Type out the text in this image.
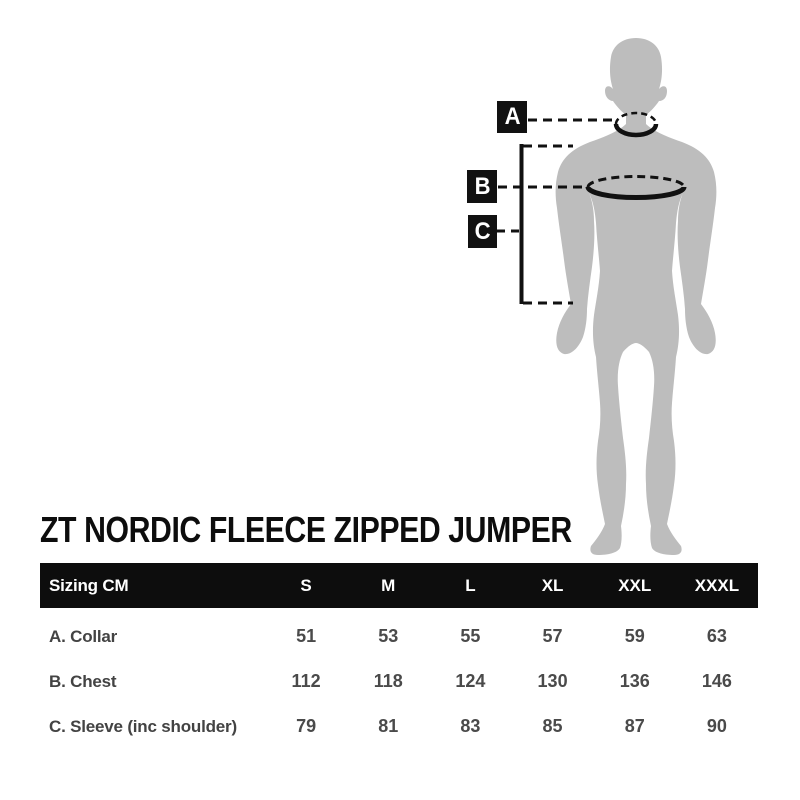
A
B
C
ZT NORDIC FLEECE ZIPPED JUMPER
Sizing CM	S	M	L	XL	XXL	XXXL
A. Collar	51	53	55	57	59	63
B. Chest	112	118	124	130	136	146
C. Sleeve (inc shoulder)	79	81	83	85	87	90
